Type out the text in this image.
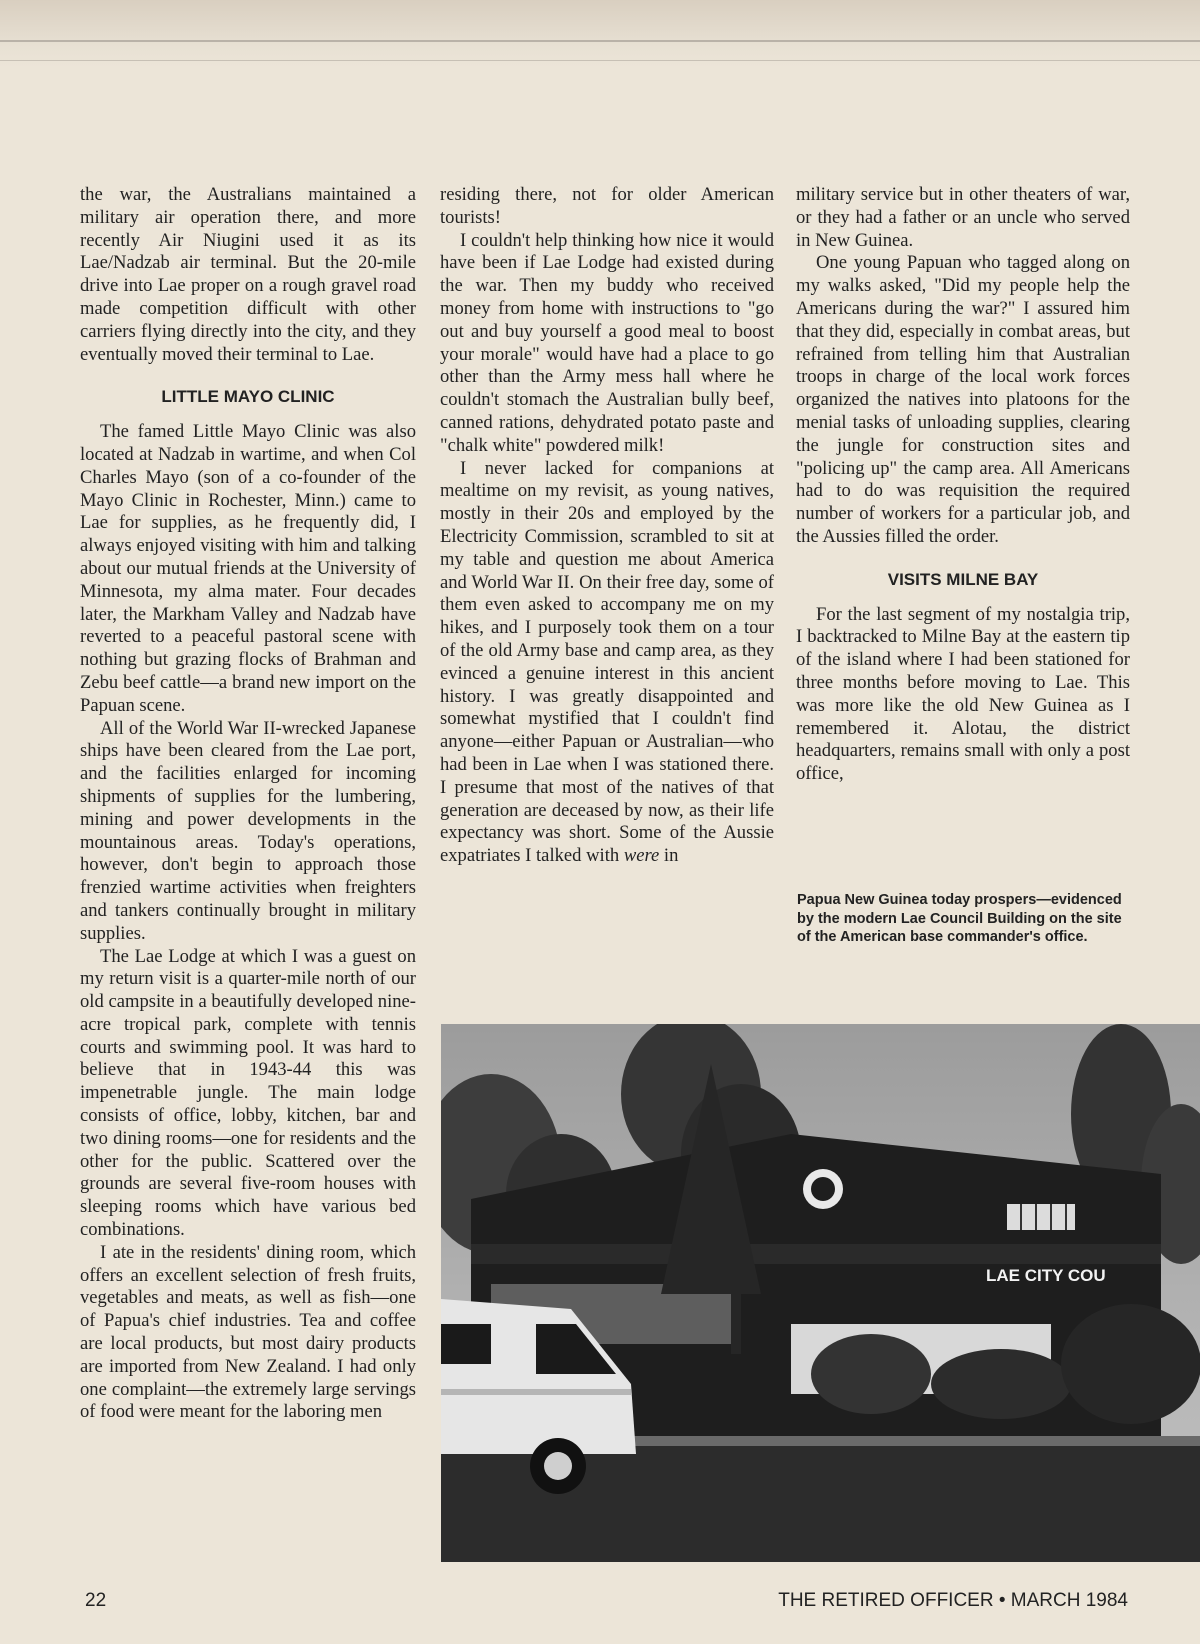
the war, the Australians maintained a military air operation there, and more recently Air Niugini used it as its Lae/Nadzab air terminal. But the 20-mile drive into Lae proper on a rough gravel road made competition difficult with other carriers flying directly into the city, and they eventually moved their terminal to Lae.

LITTLE MAYO CLINIC

The famed Little Mayo Clinic was also located at Nadzab in wartime, and when Col Charles Mayo (son of a co-founder of the Mayo Clinic in Rochester, Minn.) came to Lae for supplies, as he frequently did, I always enjoyed visiting with him and talking about our mutual friends at the University of Minnesota, my alma mater. Four decades later, the Markham Valley and Nadzab have reverted to a peaceful pastoral scene with nothing but grazing flocks of Brahman and Zebu beef cattle—a brand new import on the Papuan scene.

All of the World War II-wrecked Japanese ships have been cleared from the Lae port, and the facilities enlarged for incoming shipments of supplies for the lumbering, mining and power developments in the mountainous areas. Today's operations, however, don't begin to approach those frenzied wartime activities when freighters and tankers continually brought in military supplies.

The Lae Lodge at which I was a guest on my return visit is a quarter-mile north of our old campsite in a beautifully developed nine-acre tropical park, complete with tennis courts and swimming pool. It was hard to believe that in 1943-44 this was impenetrable jungle. The main lodge consists of office, lobby, kitchen, bar and two dining rooms—one for residents and the other for the public. Scattered over the grounds are several five-room houses with sleeping rooms which have various bed combinations.

I ate in the residents' dining room, which offers an excellent selection of fresh fruits, vegetables and meats, as well as fish—one of Papua's chief industries. Tea and coffee are local products, but most dairy products are imported from New Zealand. I had only one complaint—the extremely large servings of food were meant for the laboring men

residing there, not for older American tourists!

I couldn't help thinking how nice it would have been if Lae Lodge had existed during the war. Then my buddy who received money from home with instructions to "go out and buy yourself a good meal to boost your morale" would have had a place to go other than the Army mess hall where he couldn't stomach the Australian bully beef, canned rations, dehydrated potato paste and "chalk white" powdered milk!

I never lacked for companions at mealtime on my revisit, as young natives, mostly in their 20s and employed by the Electricity Commission, scrambled to sit at my table and question me about America and World War II. On their free day, some of them even asked to accompany me on my hikes, and I purposely took them on a tour of the old Army base and camp area, as they evinced a genuine interest in this ancient history. I was greatly disappointed and somewhat mystified that I couldn't find anyone—either Papuan or Australian—who had been in Lae when I was stationed there. I presume that most of the natives of that generation are deceased by now, as their life expectancy was short. Some of the Aussie expatriates I talked with were in

military service but in other theaters of war, or they had a father or an uncle who served in New Guinea.

One young Papuan who tagged along on my walks asked, "Did my people help the Americans during the war?" I assured him that they did, especially in combat areas, but refrained from telling him that Australian troops in charge of the local work forces organized the natives into platoons for the menial tasks of unloading supplies, clearing the jungle for construction sites and "policing up" the camp area. All Americans had to do was requisition the required number of workers for a particular job, and the Aussies filled the order.

VISITS MILNE BAY

For the last segment of my nostalgia trip, I backtracked to Milne Bay at the eastern tip of the island where I had been stationed for three months before moving to Lae. This was more like the old New Guinea as I remembered it. Alotau, the district headquarters, remains small with only a post office,

Papua New Guinea today prospers—evidenced by the modern Lae Council Building on the site of the American base commander's office.
LAE CITY COU
22	THE RETIRED OFFICER • MARCH 1984
